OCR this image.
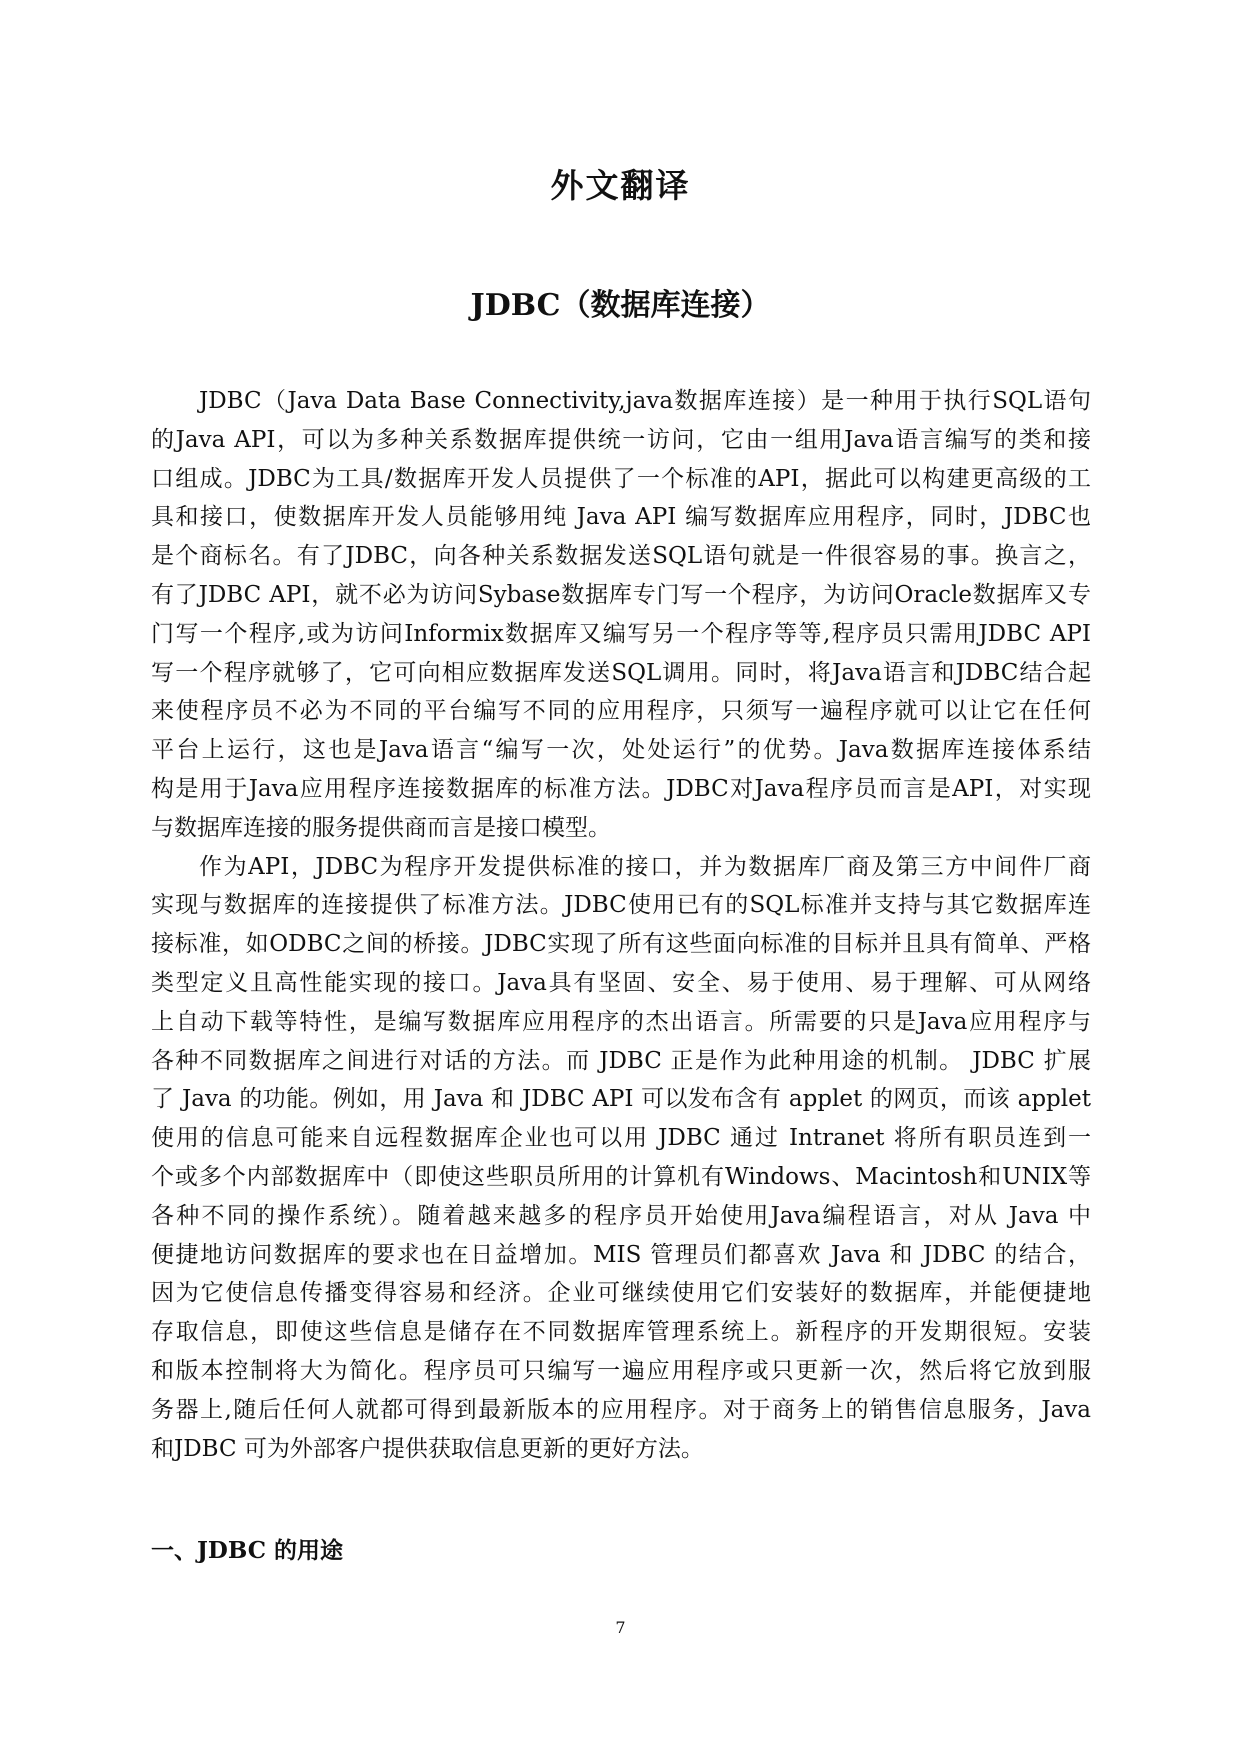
外文翻译
JDBC（数据库连接）
JDBC（Java Data Base Connectivity,java数据库连接）是一种用于执行SQL语句
的Java API，可以为多种关系数据库提供统一访问，它由一组用Java语言编写的类和接
口组成。JDBC为工具/数据库开发人员提供了一个标准的API，据此可以构建更高级的工
具和接口，使数据库开发人员能够用纯 Java API 编写数据库应用程序，同时，JDBC也
是个商标名。有了JDBC，向各种关系数据发送SQL语句就是一件很容易的事。换言之，
有了JDBC API，就不必为访问Sybase数据库专门写一个程序，为访问Oracle数据库又专
门写一个程序,或为访问Informix数据库又编写另一个程序等等,程序员只需用JDBC API
写一个程序就够了，它可向相应数据库发送SQL调用。同时，将Java语言和JDBC结合起
来使程序员不必为不同的平台编写不同的应用程序，只须写一遍程序就可以让它在任何
平台上运行，这也是Java语言“编写一次，处处运行”的优势。Java数据库连接体系结
构是用于Java应用程序连接数据库的标准方法。JDBC对Java程序员而言是API，对实现
与数据库连接的服务提供商而言是接口模型。
作为API，JDBC为程序开发提供标准的接口，并为数据库厂商及第三方中间件厂商
实现与数据库的连接提供了标准方法。JDBC使用已有的SQL标准并支持与其它数据库连
接标准，如ODBC之间的桥接。JDBC实现了所有这些面向标准的目标并且具有简单、严格
类型定义且高性能实现的接口。Java具有坚固、安全、易于使用、易于理解、可从网络
上自动下载等特性，是编写数据库应用程序的杰出语言。所需要的只是Java应用程序与
各种不同数据库之间进行对话的方法。而 JDBC 正是作为此种用途的机制。 JDBC 扩展
了 Java 的功能。例如，用 Java 和 JDBC API 可以发布含有 applet 的网页，而该 applet
使用的信息可能来自远程数据库企业也可以用 JDBC 通过 Intranet 将所有职员连到一
个或多个内部数据库中（即使这些职员所用的计算机有Windows、Macintosh和UNIX等
各种不同的操作系统）。随着越来越多的程序员开始使用Java编程语言，对从 Java 中
便捷地访问数据库的要求也在日益增加。MIS 管理员们都喜欢 Java 和 JDBC 的结合，
因为它使信息传播变得容易和经济。企业可继续使用它们安装好的数据库，并能便捷地
存取信息，即使这些信息是储存在不同数据库管理系统上。新程序的开发期很短。安装
和版本控制将大为简化。程序员可只编写一遍应用程序或只更新一次，然后将它放到服
务器上,随后任何人就都可得到最新版本的应用程序。对于商务上的销售信息服务，Java
和JDBC 可为外部客户提供获取信息更新的更好方法。
一、JDBC 的用途
7
